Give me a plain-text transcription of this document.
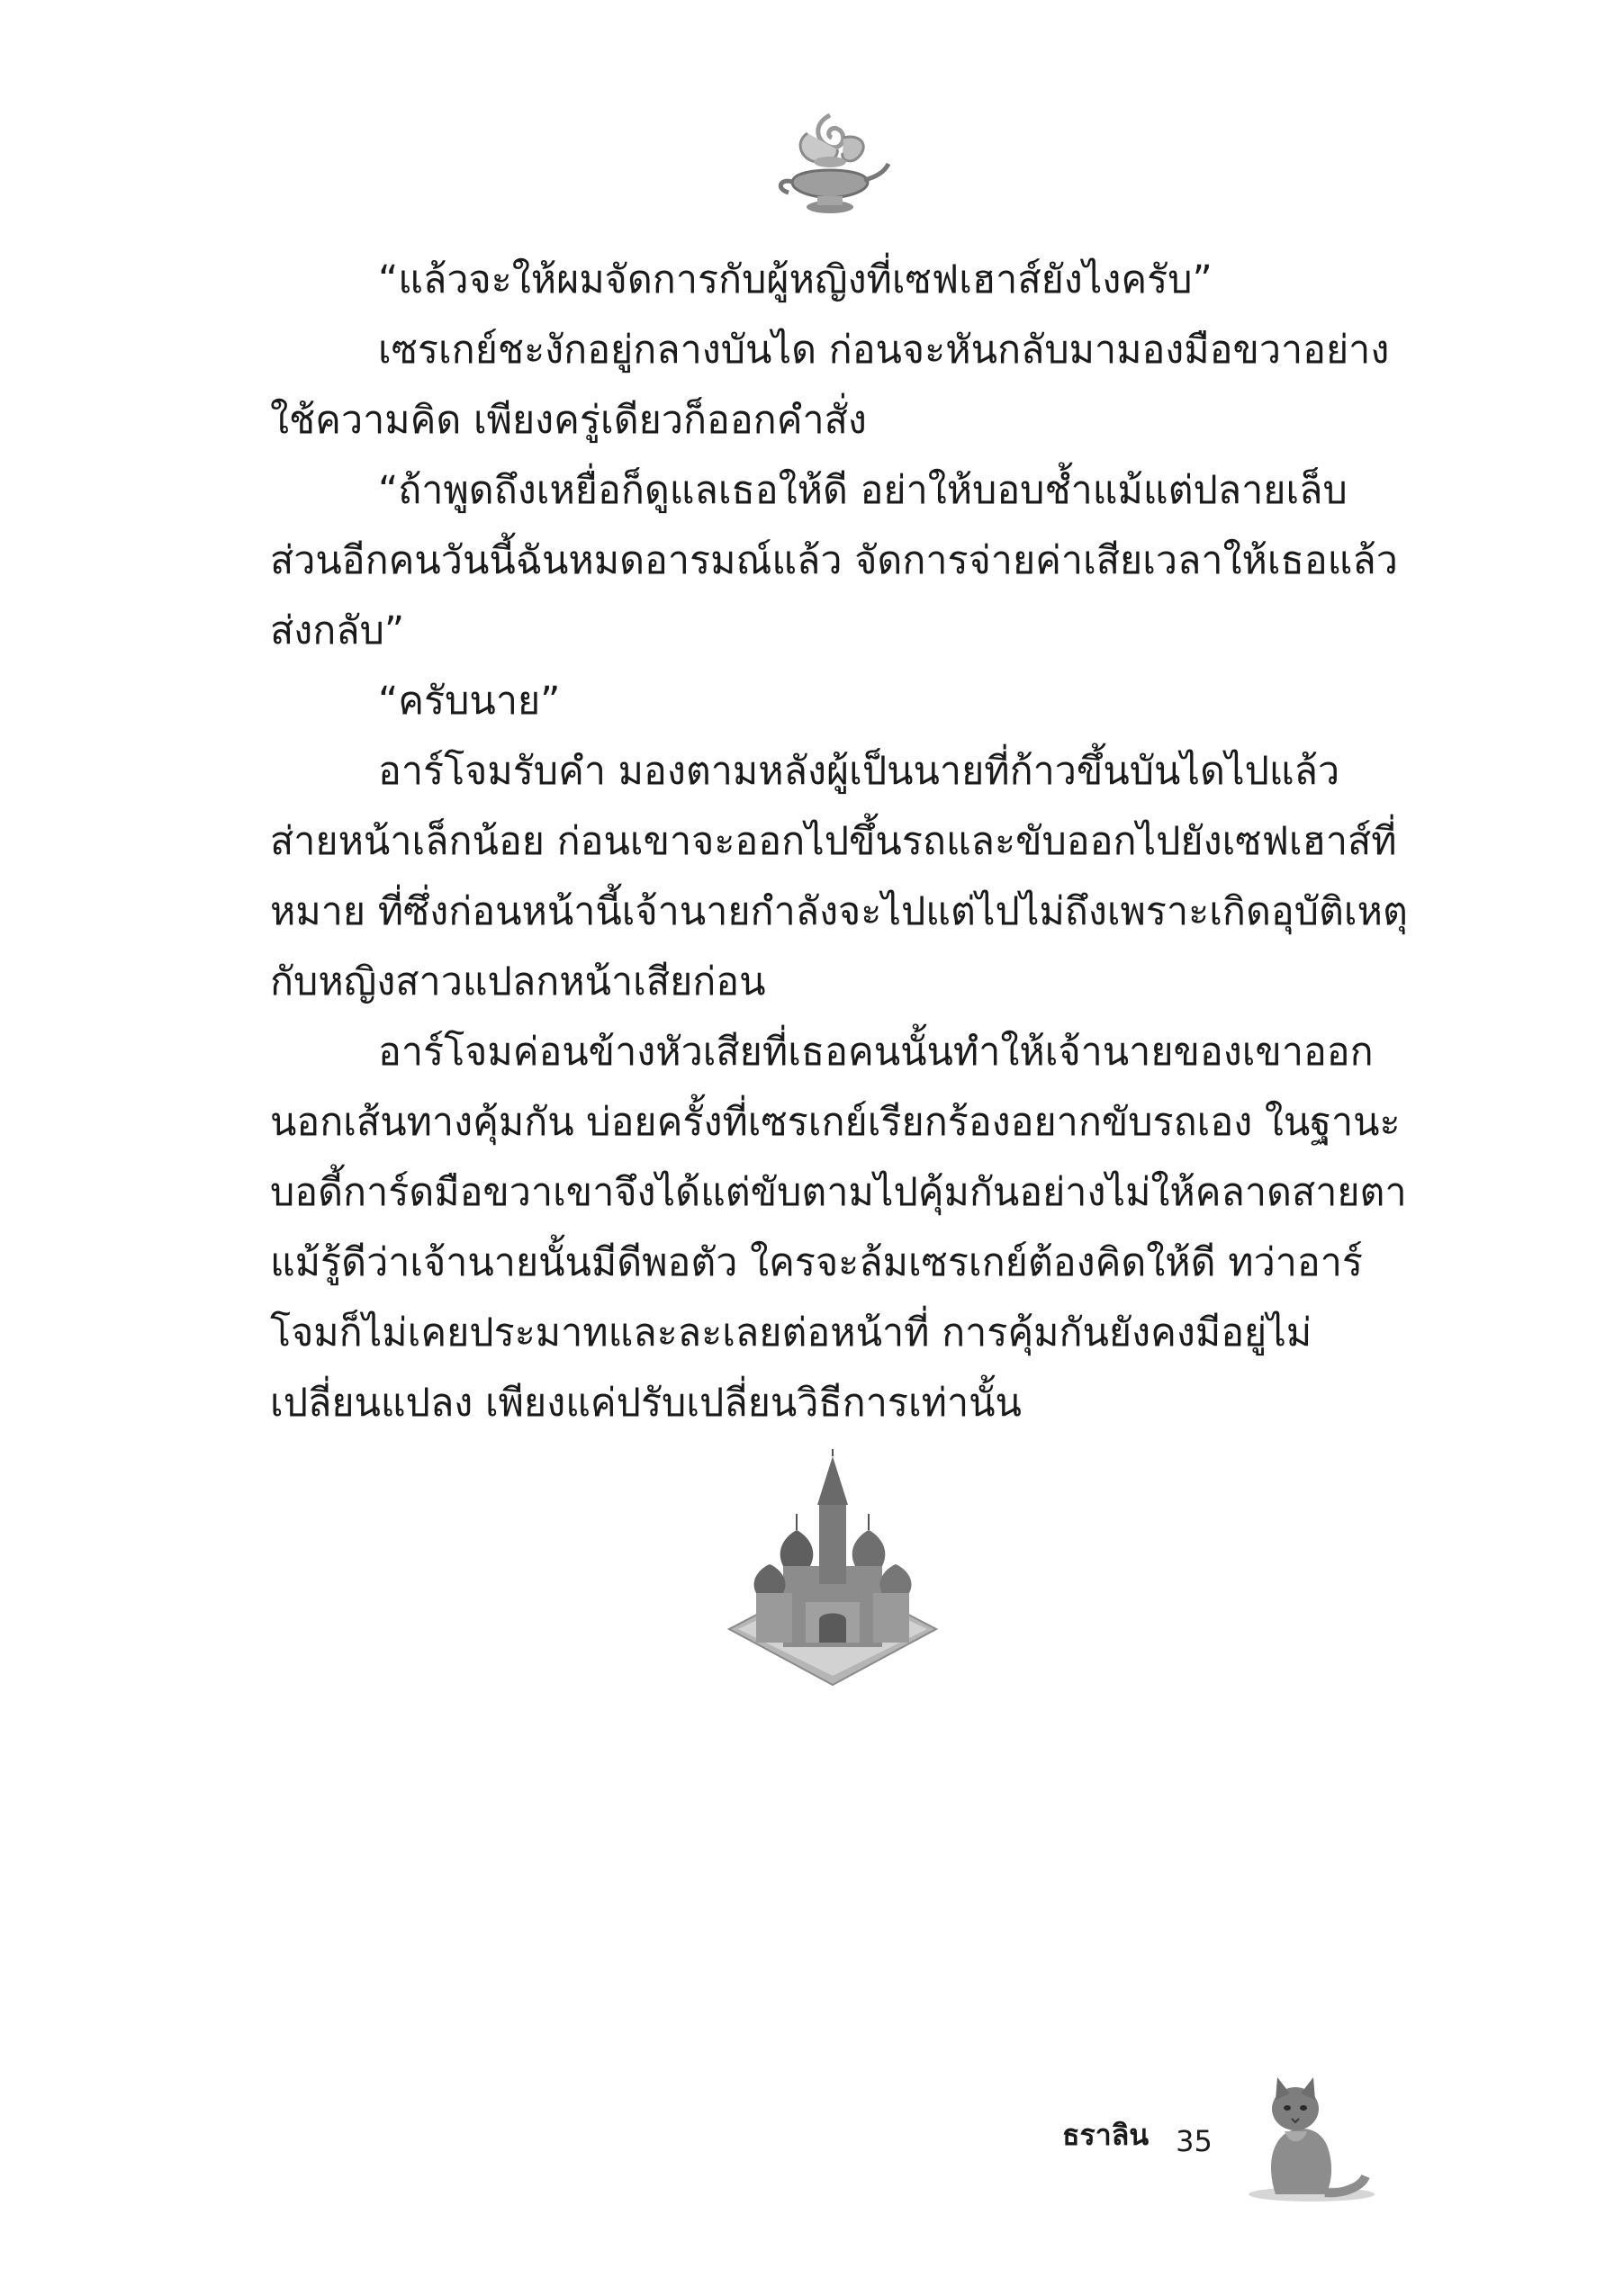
“แล้วจะให้ผมจัดการกับผู้หญิงที่เซฟเฮาส์ยังไงครับ”

เซรเกย์ชะงักอยู่กลางบันได ก่อนจะหันกลับมามองมือขวาอย่างใช้ความคิด เพียงครู่เดียวก็ออกคำสั่ง

“ถ้าพูดถึงเหยื่อก็ดูแลเธอให้ดี อย่าให้บอบช้ำแม้แต่ปลายเล็บ ส่วนอีกคนวันนี้ฉันหมดอารมณ์แล้ว จัดการจ่ายค่าเสียเวลาให้เธอแล้วส่งกลับ”

“ครับนาย”

อาร์โจมรับคำ มองตามหลังผู้เป็นนายที่ก้าวขึ้นบันไดไปแล้ว ส่ายหน้าเล็กน้อย ก่อนเขาจะออกไปขึ้นรถและขับออกไปยังเซฟเฮาส์ที่หมาย ที่ซึ่งก่อนหน้านี้เจ้านายกำลังจะไปแต่ไปไม่ถึงเพราะเกิดอุบัติเหตุกับหญิงสาวแปลกหน้าเสียก่อน

อาร์โจมค่อนข้างหัวเสียที่เธอคนนั้นทำให้เจ้านายของเขาออกนอกเส้นทางคุ้มกัน บ่อยครั้งที่เซรเกย์เรียกร้องอยากขับรถเอง ในฐานะบอดี้การ์ดมือขวาเขาจึงได้แต่ขับตามไปคุ้มกันอย่างไม่ให้คลาดสายตา แม้รู้ดีว่าเจ้านายนั้นมีดีพอตัว ใครจะล้มเซรเกย์ต้องคิดให้ดี ทว่าอาร์โจมก็ไม่เคยประมาทและละเลยต่อหน้าที่ การคุ้มกันยังคงมีอยู่ไม่เปลี่ยนแปลง เพียงแค่ปรับเปลี่ยนวิธีการเท่านั้น

ธราลิน 35
